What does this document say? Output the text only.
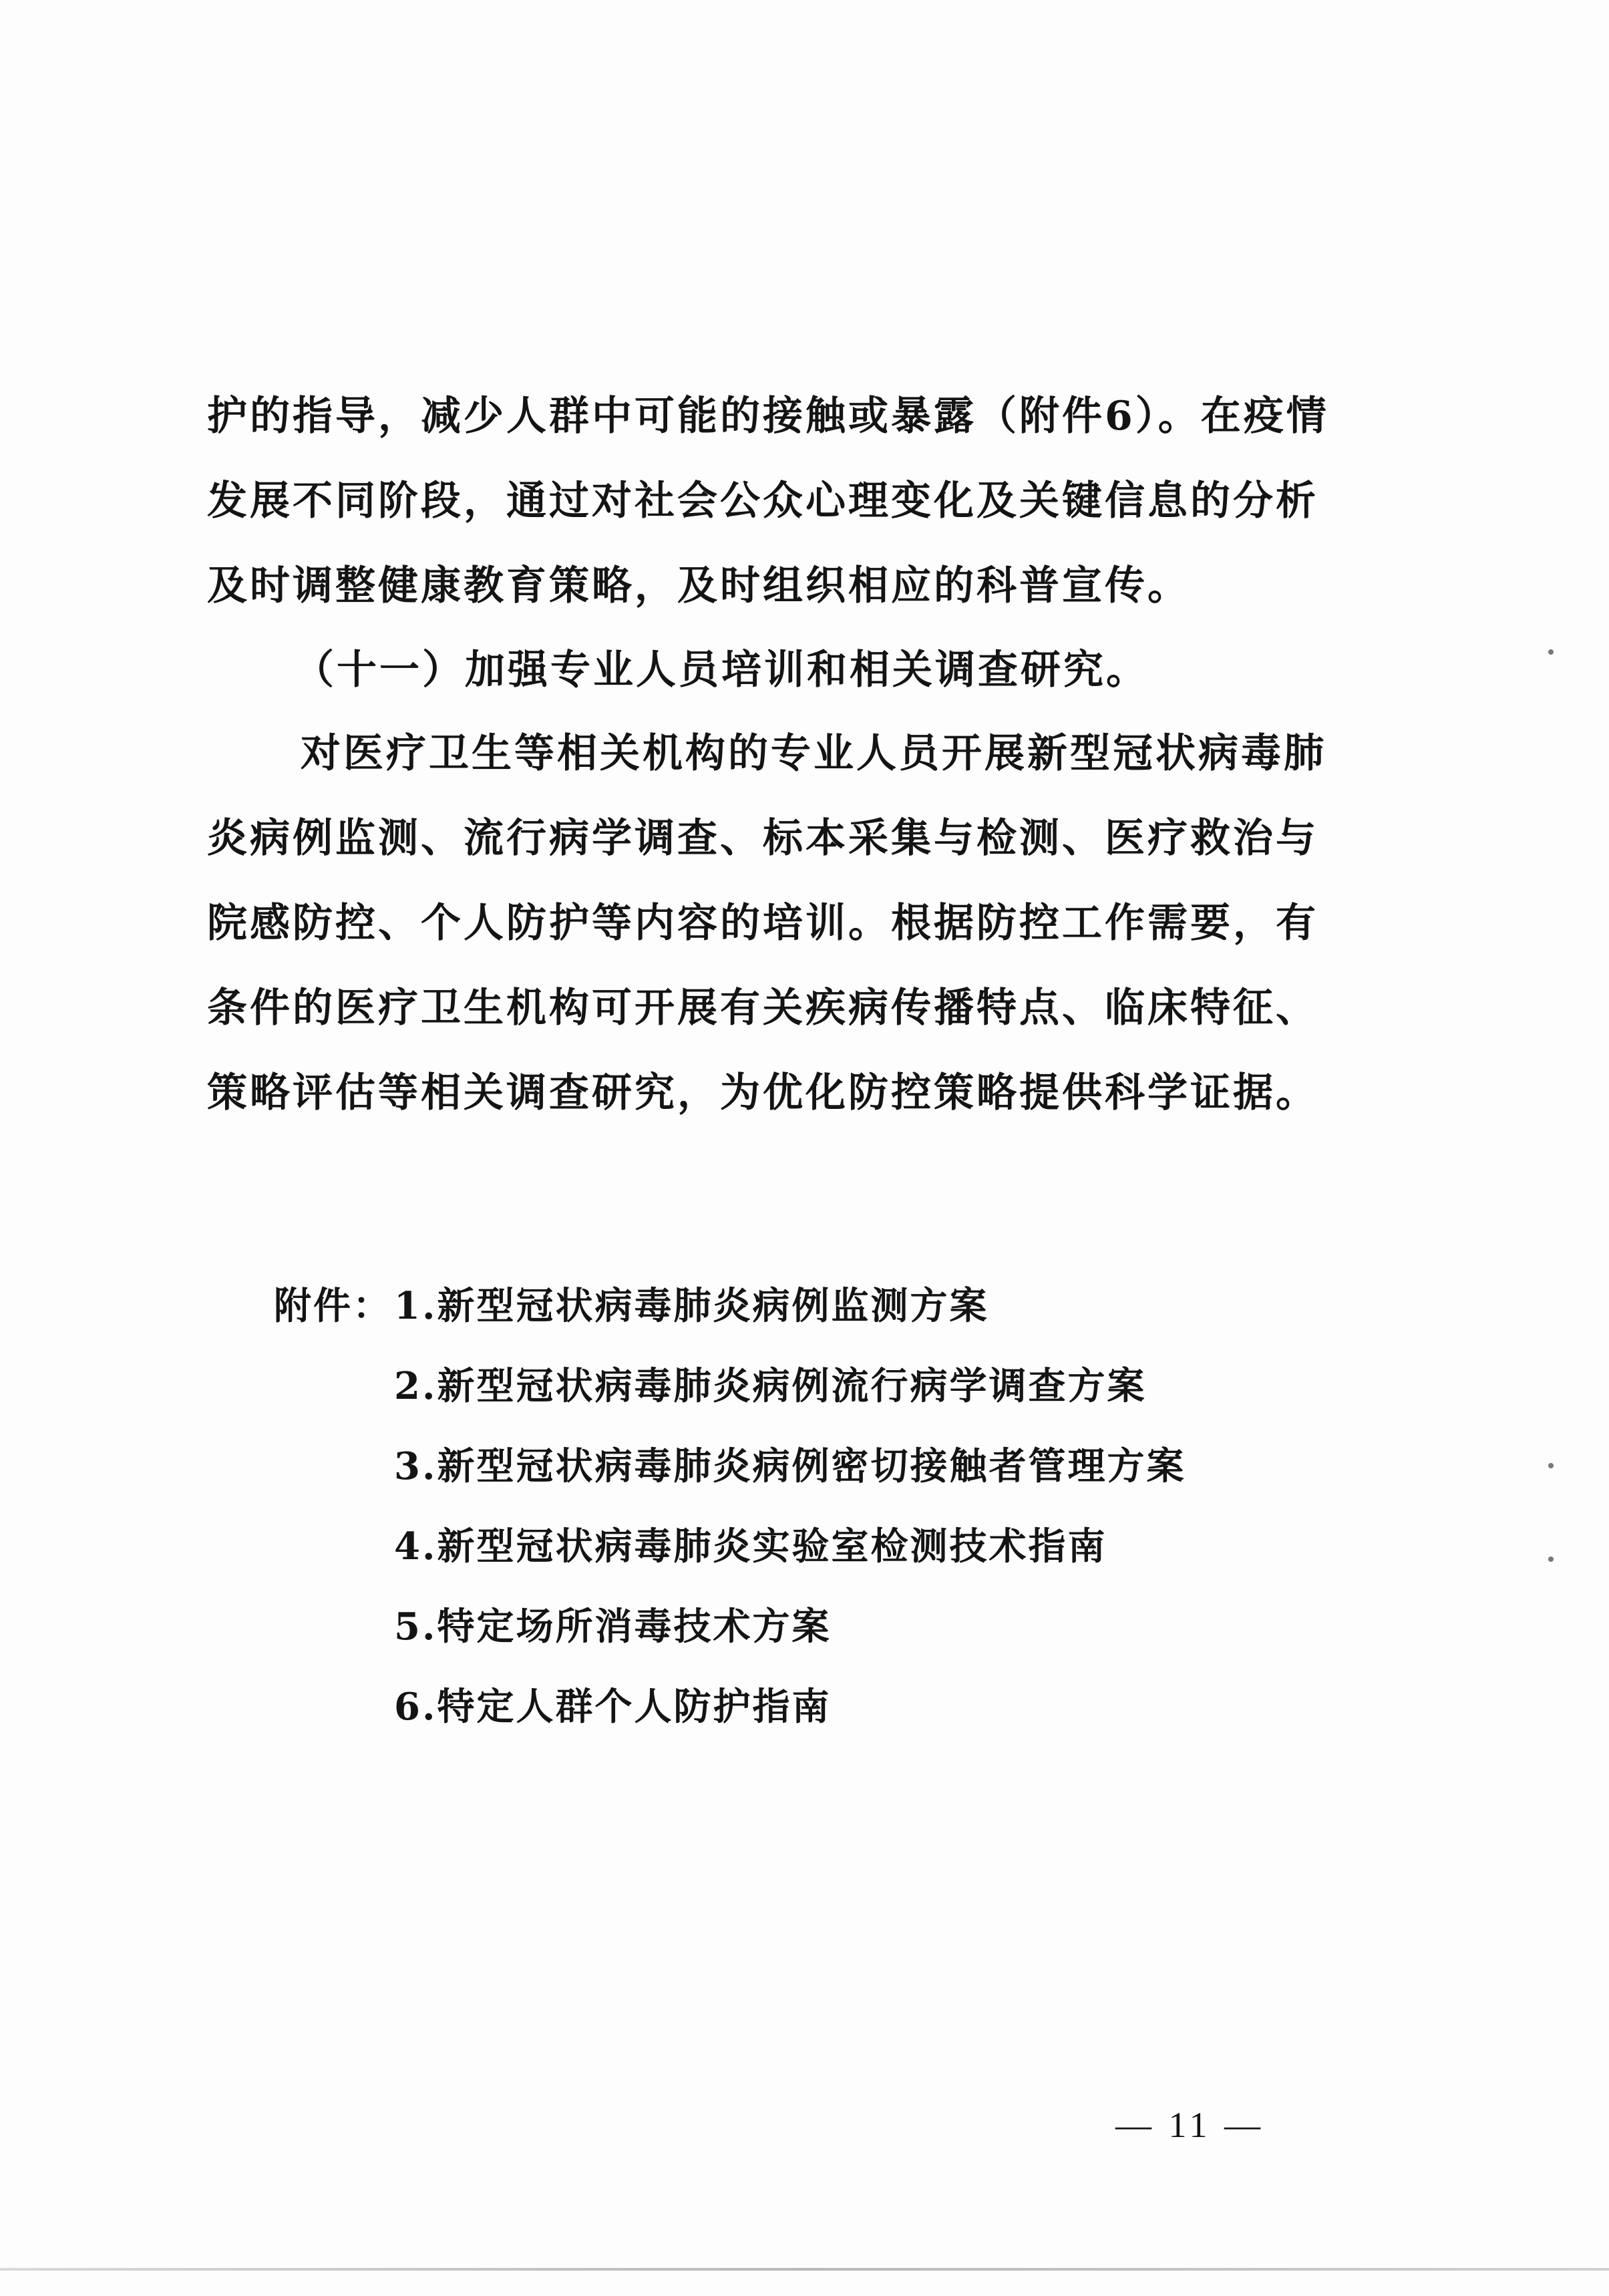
护的指导，减少人群中可能的接触或暴露（附件6）。在疫情发展不同阶段，通过对社会公众心理变化及关键信息的分析及时调整健康教育策略，及时组织相应的科普宣传。
（十一）加强专业人员培训和相关调查研究。
对医疗卫生等相关机构的专业人员开展新型冠状病毒肺炎病例监测、流行病学调查、标本采集与检测、医疗救治与院感防控、个人防护等内容的培训。根据防控工作需要，有条件的医疗卫生机构可开展有关疾病传播特点、临床特征、策略评估等相关调查研究，为优化防控策略提供科学证据。
附件：1.新型冠状病毒肺炎病例监测方案
2.新型冠状病毒肺炎病例流行病学调查方案
3.新型冠状病毒肺炎病例密切接触者管理方案
4.新型冠状病毒肺炎实验室检测技术指南
5.特定场所消毒技术方案
6.特定人群个人防护指南
— 11 —
